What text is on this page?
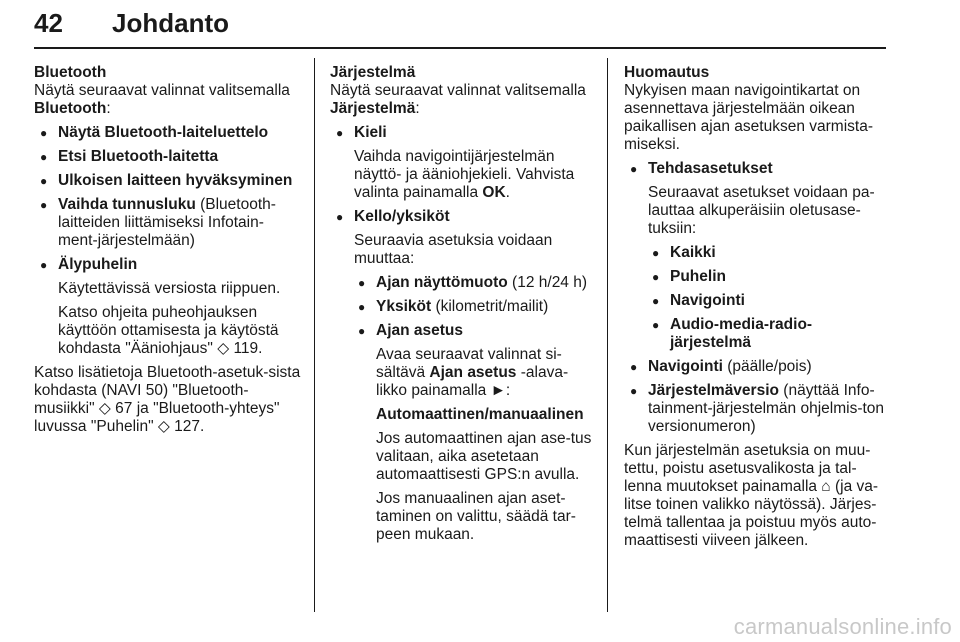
42 Johdanto

Bluetooth

Näytä seuraavat valinnat valitsemalla Bluetooth:

● Näytä Bluetooth-laiteluettelo
● Etsi Bluetooth-laitetta
● Ulkoisen laitteen hyväksyminen
● Vaihda tunnusluku (Bluetooth-laitteiden liittämiseksi Infotain-ment-järjestelmään)
● Älypuhelin

Käytettävissä versiosta riippuen.

Katso ohjeita puheohjauksen käyttöön ottamisesta ja käytöstä kohdasta "Ääniohjaus" ◇ 119.

Katso lisätietoja Bluetooth-asetuk-sista kohdasta (NAVI 50) "Bluetooth-musiikki" ◇ 67 ja "Bluetooth-yhteys" luvussa "Puhelin" ◇ 127.

Järjestelmä

Näytä seuraavat valinnat valitsemalla Järjestelmä:

● Kieli

Vaihda navigointijärjestelmän näyttö- ja ääniohjekieli. Vahvista valinta painamalla OK.

● Kello/yksiköt

Seuraavia asetuksia voidaan muuttaa:

● Ajan näyttömuoto (12 h/24 h)
● Yksiköt (kilometrit/mailit)
● Ajan asetus

Avaa seuraavat valinnat si-sältävä Ajan asetus -alava-likko painamalla ►:

Automaattinen/manuaalinen

Jos automaattinen ajan ase-tus valitaan, aika asetetaan automaattisesti GPS:n avulla.

Jos manuaalinen ajan aset-taminen on valittu, säädä tar-peen mukaan.

Huomautus

Nykyisen maan navigointikartat on asennettava järjestelmään oikean paikallisen ajan asetuksen varmista-miseksi.

● Tehdasasetukset

Seuraavat asetukset voidaan pa-lauttaa alkuperäisiin oletusase-tuksiin:

● Kaikki
● Puhelin
● Navigointi
● Audio-media-radio-järjestelmä
● Navigointi (päälle/pois)
● Järjestelmäversio (näyttää Info-tainment-järjestelmän ohjelmis-ton versionumeron)

Kun järjestelmän asetuksia on muu-tettu, poistu asetusvalikosta ja tal-lenna muutokset painamalla ⌂ (ja va-litse toinen valikko näytössä). Järjes-telmä tallentaa ja poistuu myös auto-maattisesti viiveen jälkeen.

carmanualsonline.info
